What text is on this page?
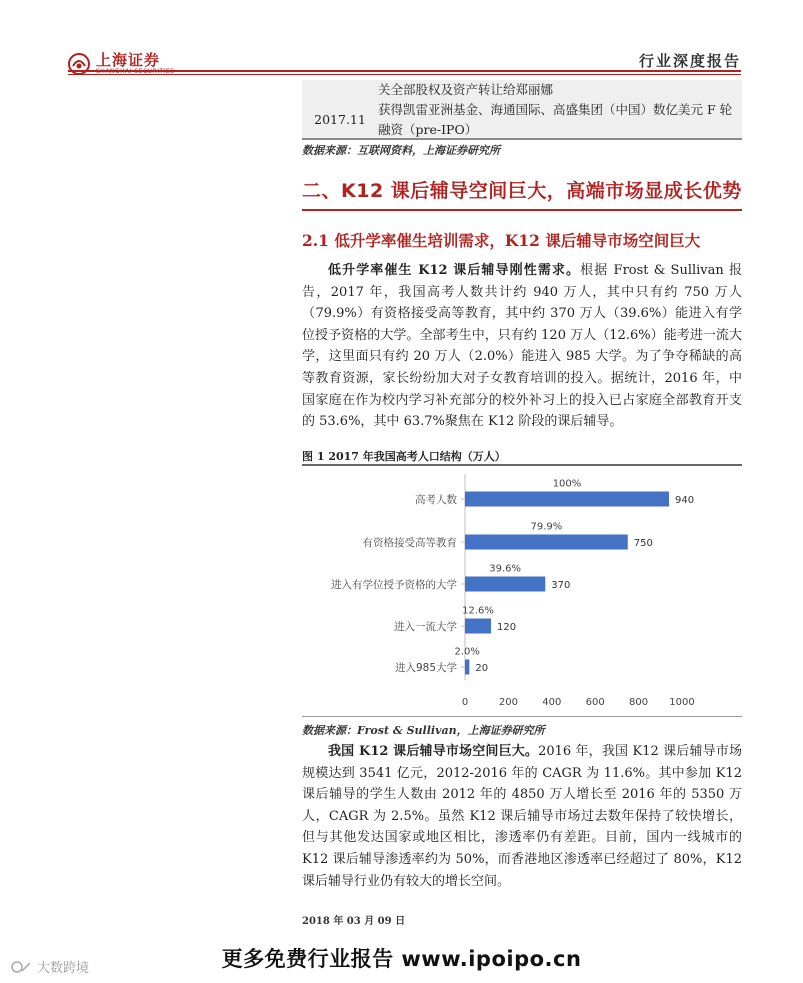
上海证券
SHANGHAI SECURITIES
行业深度报告
关全部股权及资产转让给郑丽娜
2017.11
获得凯雷亚洲基金、海通国际、高盛集团（中国）数亿美元 F 轮融资（pre-IPO）
数据来源：互联网资料，上海证券研究所
二、K12 课后辅导空间巨大，高端市场显成长优势
2.1 低升学率催生培训需求，K12 课后辅导市场空间巨大
低升学率催生 K12 课后辅导刚性需求。根据 Frost & Sullivan 报告，2017 年，我国高考人数共计约 940 万人，其中只有约 750 万人（79.9%）有资格接受高等教育，其中约 370 万人（39.6%）能进入有学位授予资格的大学。全部考生中，只有约 120 万人（12.6%）能考进一流大学，这里面只有约 20 万人（2.0%）能进入 985 大学。为了争夺稀缺的高等教育资源，家长纷纷加大对子女教育培训的投入。据统计，2016 年，中国家庭在作为校内学习补充部分的校外补习上的投入已占家庭全部教育开支的 53.6%，其中 63.7%聚焦在 K12 阶段的课后辅导。
图 1 2017 年我国高考人口结构（万人）
高考人数	940
100%
有资格接受高等教育	750
79.9%
进入有学位授予资格的大学	370
39.6%
进入一流大学	120
12.6%
进入985大学 20
2.0%
0	200 400 600 800 1000
数据来源：Frost & Sullivan，上海证券研究所
我国 K12 课后辅导市场空间巨大。2016 年，我国 K12 课后辅导市场规模达到 3541 亿元，2012-2016 年的 CAGR 为 11.6%。其中参加 K12 课后辅导的学生人数由 2012 年的 4850 万人增长至 2016 年的 5350 万人，CAGR 为 2.5%。虽然 K12 课后辅导市场过去数年保持了较快增长，但与其他发达国家或地区相比，渗透率仍有差距。目前，国内一线城市的 K12 课后辅导渗透率约为 50%，而香港地区渗透率已经超过了 80%，K12 课后辅导行业仍有较大的增长空间。
2018 年 03 月 09 日
更多免费行业报告 www.ipoipo.cn
大数跨境
